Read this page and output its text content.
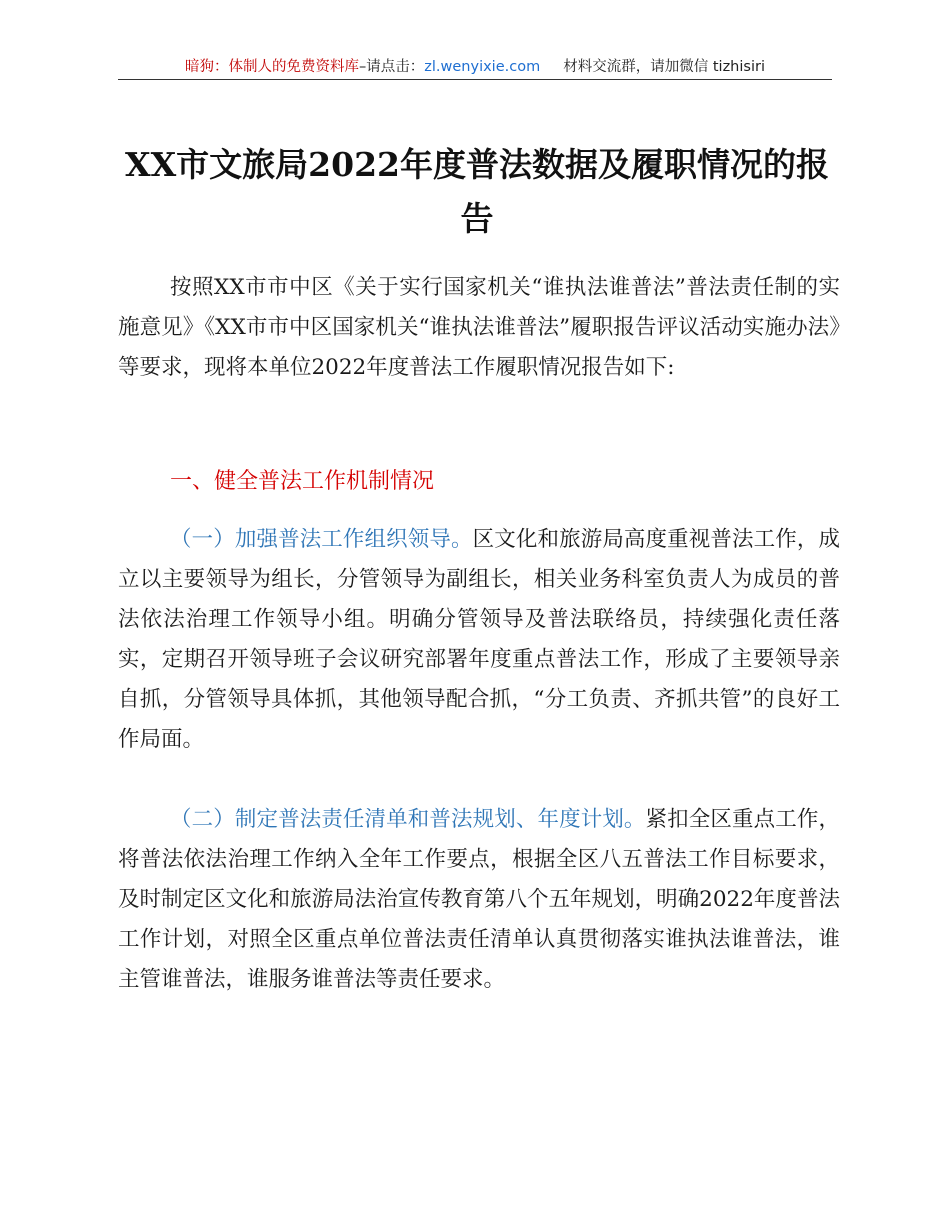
暗狗：体制人的免费资料库–请点击：zl.wenyixie.com 材料交流群，请加微信 tizhisiri
XX市文旅局2022年度普法数据及履职情况的报告

按照XX市市中区《关于实行国家机关“谁执法谁普法”普法责任制的实施意见》《XX市市中区国家机关“谁执法谁普法”履职报告评议活动实施办法》等要求，现将本单位2022年度普法工作履职情况报告如下:

一、健全普法工作机制情况

（一）加强普法工作组织领导。区文化和旅游局高度重视普法工作，成立以主要领导为组长，分管领导为副组长，相关业务科室负责人为成员的普法依法治理工作领导小组。明确分管领导及普法联络员，持续强化责任落实，定期召开领导班子会议研究部署年度重点普法工作，形成了主要领导亲自抓，分管领导具体抓，其他领导配合抓，“分工负责、齐抓共管”的良好工作局面。

（二）制定普法责任清单和普法规划、年度计划。紧扣全区重点工作，将普法依法治理工作纳入全年工作要点，根据全区八五普法工作目标要求，及时制定区文化和旅游局法治宣传教育第八个五年规划，明确2022年度普法工作计划，对照全区重点单位普法责任清单认真贯彻落实谁执法谁普法，谁主管谁普法，谁服务谁普法等责任要求。
